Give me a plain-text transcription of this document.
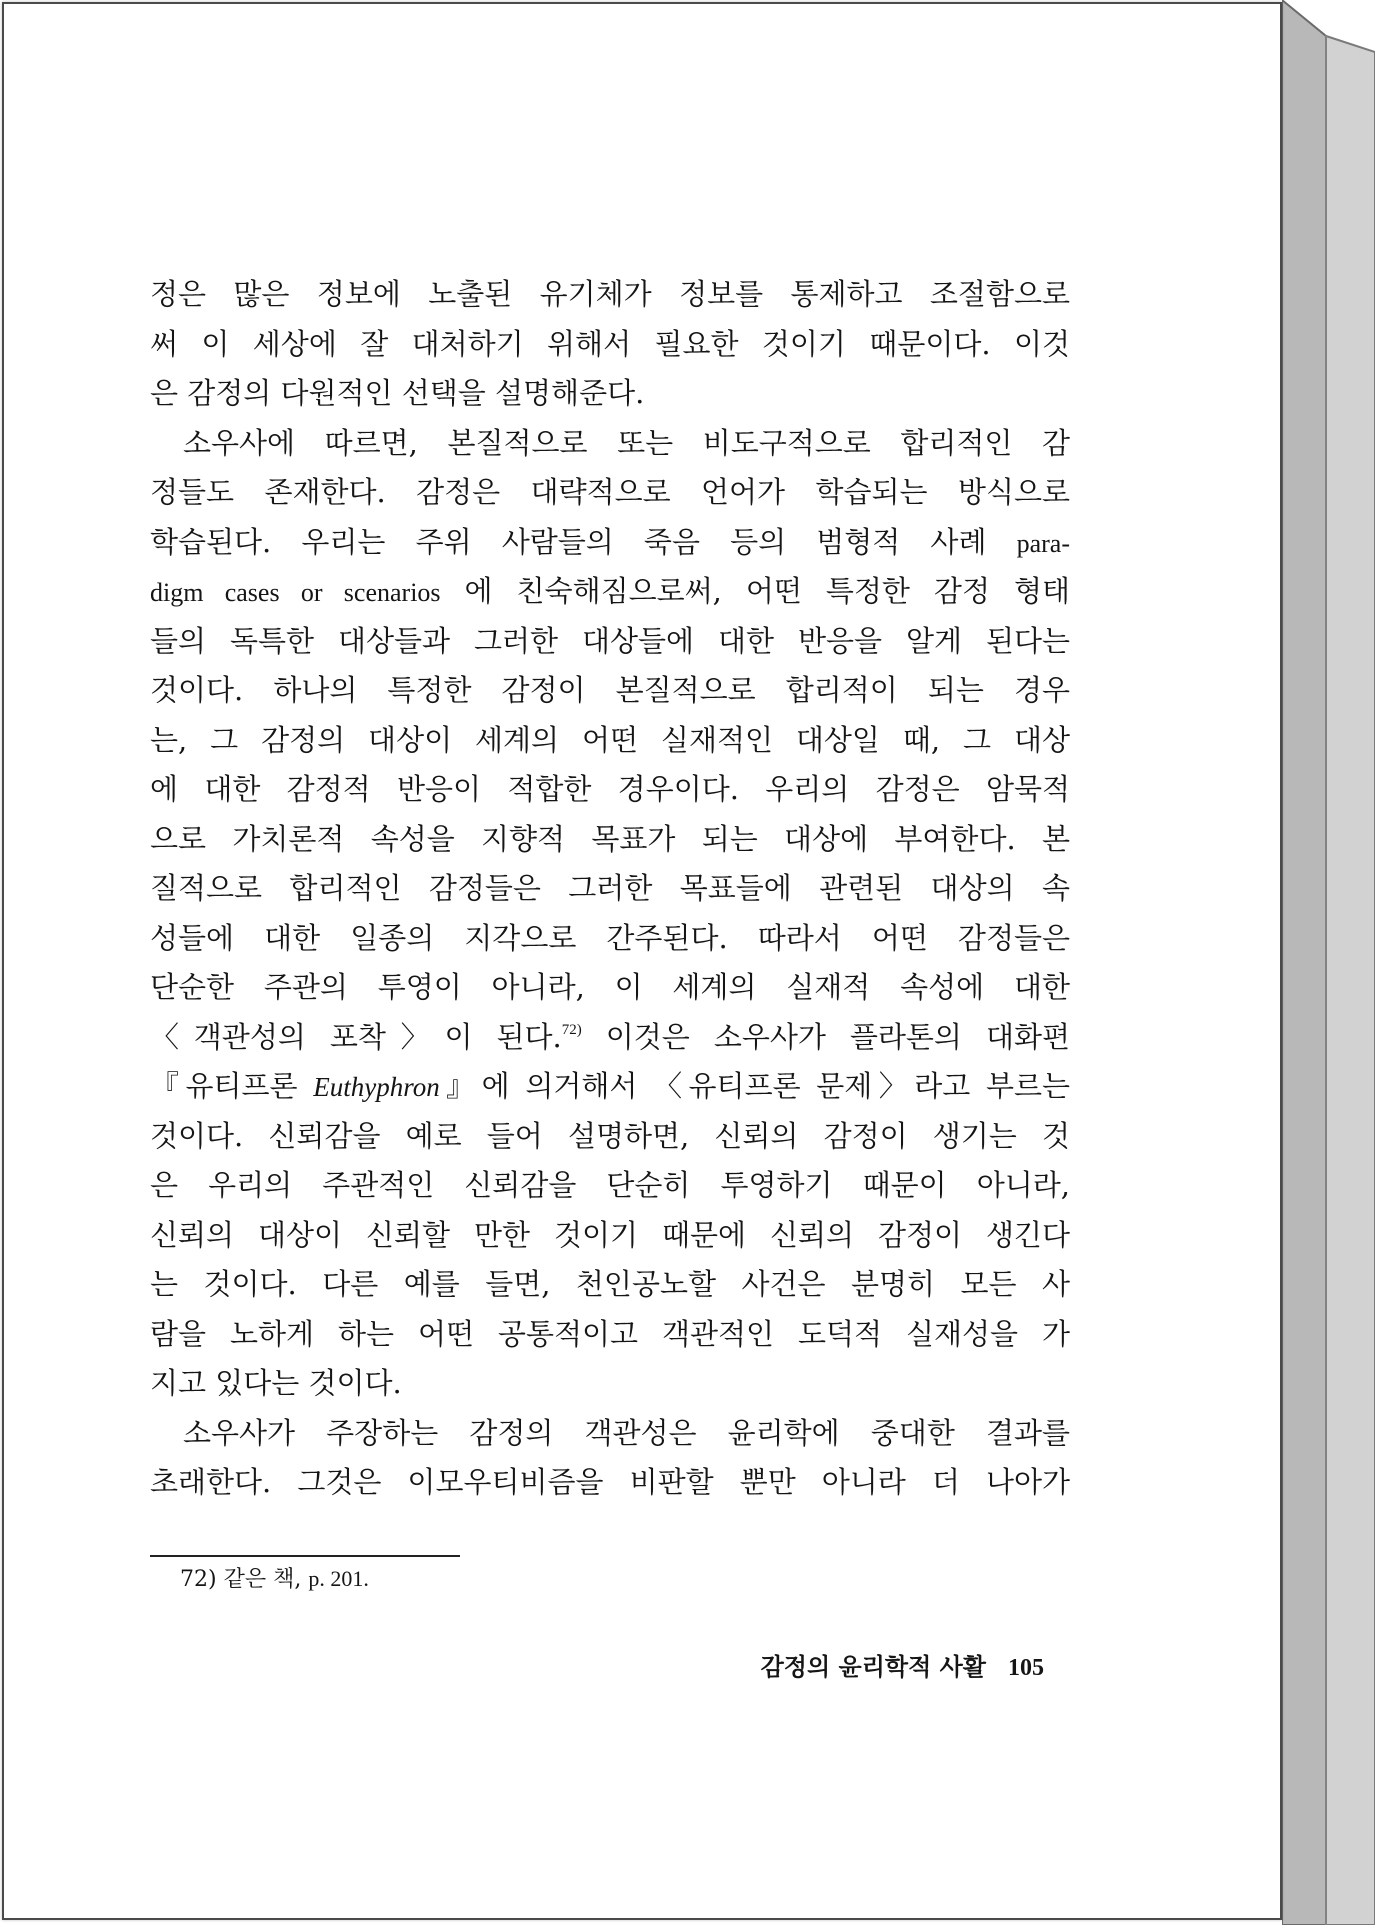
정은 많은 정보에 노출된 유기체가 정보를 통제하고 조절함으로
써 이 세상에 잘 대처하기 위해서 필요한 것이기 때문이다. 이것
은 감정의 다원적인 선택을 설명해준다.
소우사에 따르면, 본질적으로 또는 비도구적으로 합리적인 감
정들도 존재한다. 감정은 대략적으로 언어가 학습되는 방식으로
학습된다. 우리는 주위 사람들의 죽음 등의 범형적 사례 para-
digm cases or scenarios 에 친숙해짐으로써, 어떤 특정한 감정 형태
들의 독특한 대상들과 그러한 대상들에 대한 반응을 알게 된다는
것이다. 하나의 특정한 감정이 본질적으로 합리적이 되는 경우
는, 그 감정의 대상이 세계의 어떤 실재적인 대상일 때, 그 대상
에 대한 감정적 반응이 적합한 경우이다. 우리의 감정은 암묵적
으로 가치론적 속성을 지향적 목표가 되는 대상에 부여한다. 본
질적으로 합리적인 감정들은 그러한 목표들에 관련된 대상의 속
성들에 대한 일종의 지각으로 간주된다. 따라서 어떤 감정들은
단순한 주관의 투영이 아니라, 이 세계의 실재적 속성에 대한
〈객관성의 포착〉이 된다.$^{72)}$ 이것은 소우사가 플라톤의 대화편
『유티프론 Euthyphron』에 의거해서 〈유티프론 문제〉라고 부르는
것이다. 신뢰감을 예로 들어 설명하면, 신뢰의 감정이 생기는 것
은 우리의 주관적인 신뢰감을 단순히 투영하기 때문이 아니라,
신뢰의 대상이 신뢰할 만한 것이기 때문에 신뢰의 감정이 생긴다
는 것이다. 다른 예를 들면, 천인공노할 사건은 분명히 모든 사
람을 노하게 하는 어떤 공통적이고 객관적인 도덕적 실재성을 가
지고 있다는 것이다.
소우사가 주장하는 감정의 객관성은 윤리학에 중대한 결과를
초래한다. 그것은 이모우티비즘을 비판할 뿐만 아니라 더 나아가
72) 같은 책, p. 201.
감정의 윤리학적 사활 105
